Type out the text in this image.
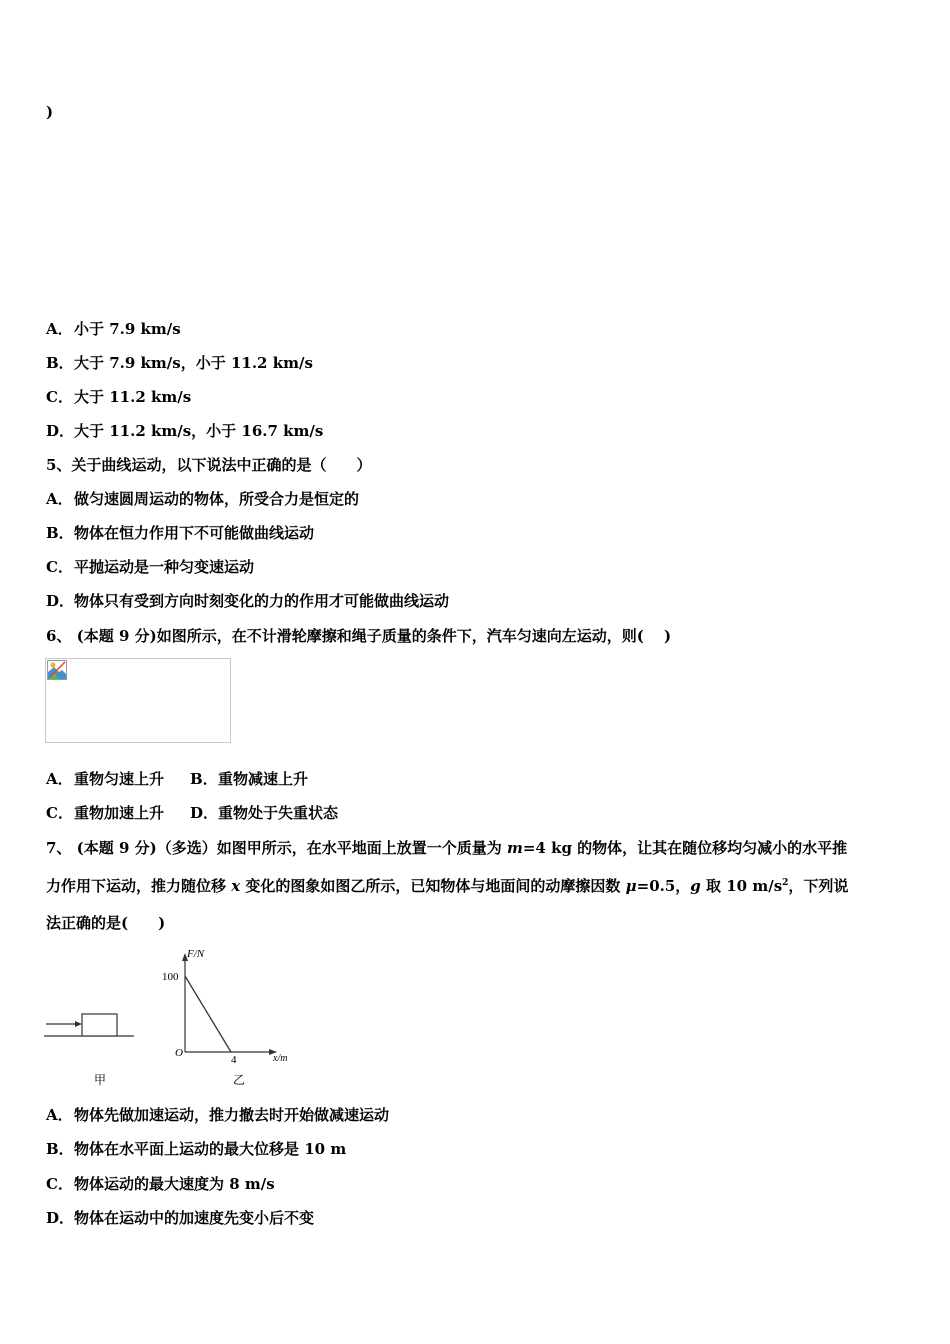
)
A．小于 7.9 km/s
B．大于 7.9 km/s，小于 11.2 km/s
C．大于 11.2 km/s
D．大于 11.2 km/s，小于 16.7 km/s
5、关于曲线运动，以下说法中正确的是（　　）
A．做匀速圆周运动的物体，所受合力是恒定的
B．物体在恒力作用下不可能做曲线运动
C．平抛运动是一种匀变速运动
D．物体只有受到方向时刻变化的力的作用才可能做曲线运动
6、 (本题 9 分)如图所示，在不计滑轮摩擦和绳子质量的条件下，汽车匀速向左运动，则(　 )
A．重物匀速上升 B．重物减速上升
C．重物加速上升 D．重物处于失重状态
7、 (本题 9 分)（多选）如图甲所示，在水平地面上放置一个质量为 m=4 kg 的物体，让其在随位移均匀减小的水平推
力作用下运动，推力随位移 x 变化的图象如图乙所示，已知物体与地面间的动摩擦因数 μ=0.5，g 取 10 $m/s^2$，下列说
法正确的是(　　)
甲
F/N
x/m
O
100
4
乙
A．物体先做加速运动，推力撤去时开始做减速运动
B．物体在水平面上运动的最大位移是 10 m
C．物体运动的最大速度为 8 m/s
D．物体在运动中的加速度先变小后不变
